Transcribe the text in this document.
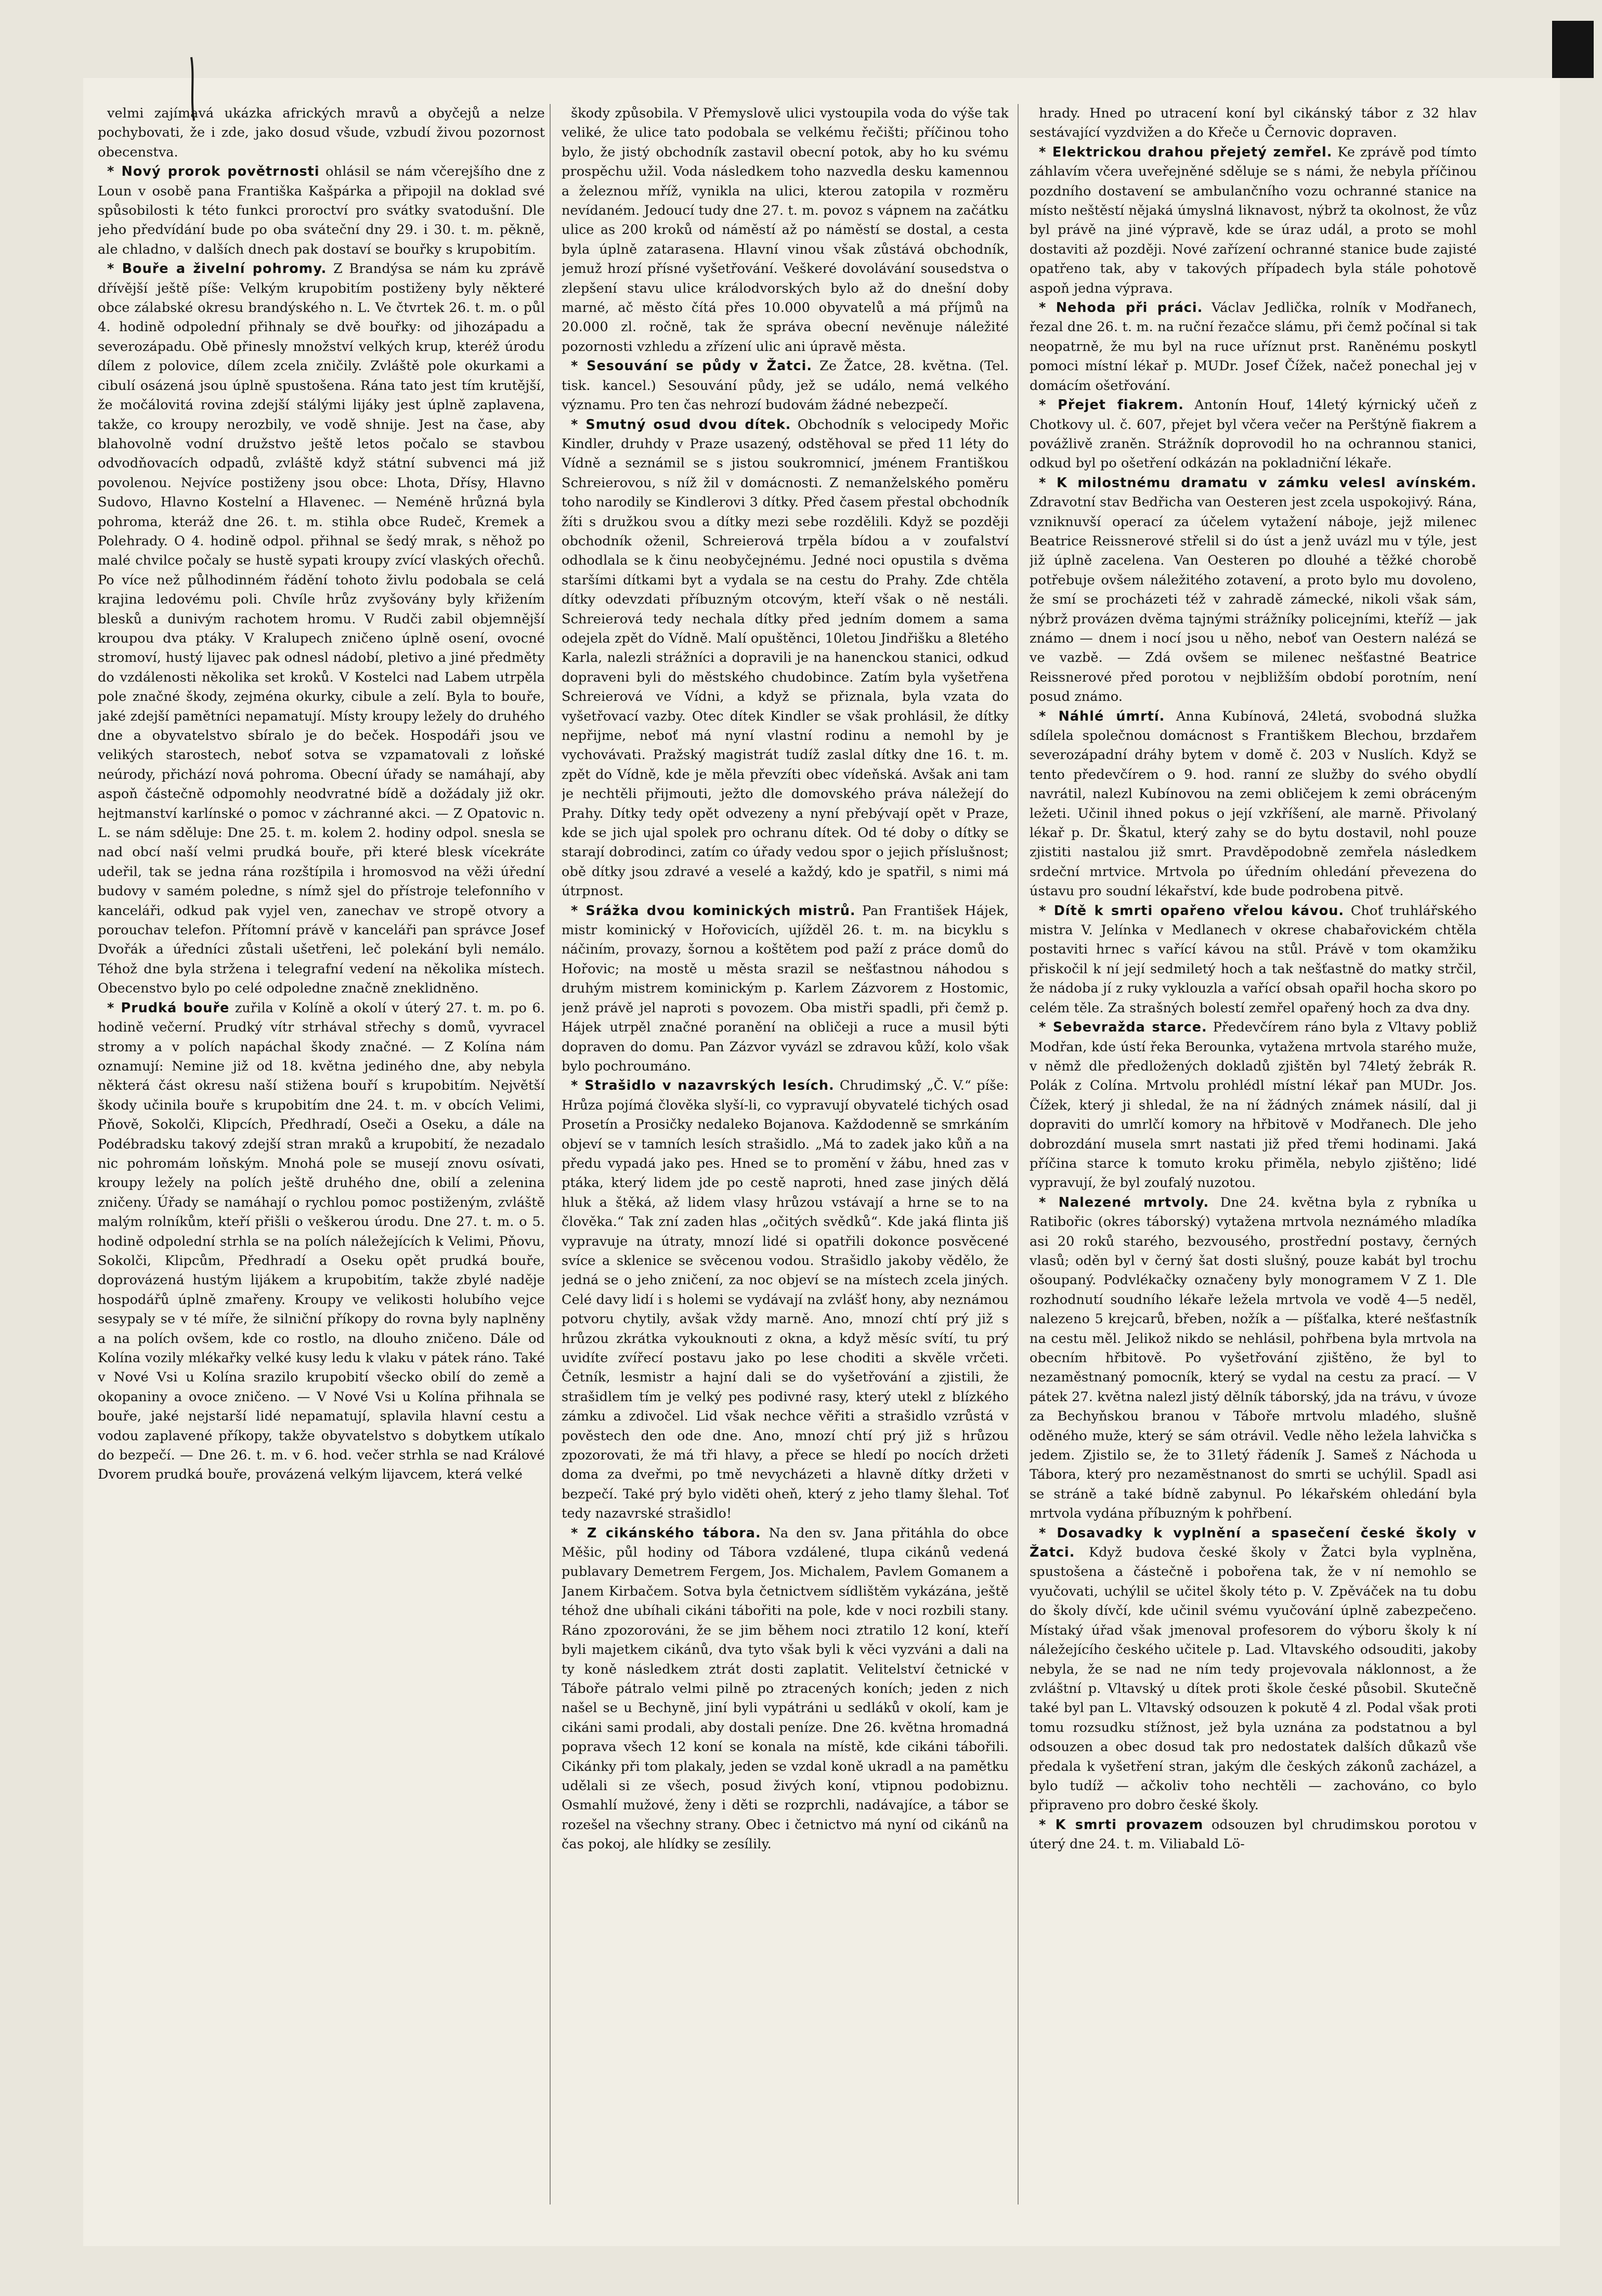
velmi zajímavá ukázka afrických mravů a obyčejů a nelze pochybovati, že i zde, jako dosud všude, vzbudí živou pozornost obecenstva.

* Nový prorok povětrnosti ohlásil se nám včerejšího dne z Loun v osobě pana Františka Kašpárka a připojil na doklad své spůsobilosti k této funkci proroctví pro svátky svatodušní. Dle jeho předvídání bude po oba sváteční dny 29. i 30. t. m. pěkně, ale chladno, v dalších dnech pak dostaví se bouřky s krupobitím.

* Bouře a živelní pohromy. Z Brandýsa se nám ku zprávě dřívější ještě píše: Velkým krupobitím postiženy byly některé obce zálabské okresu brandýského n. L. Ve čtvrtek 26. t. m. o půl 4. hodině odpolední přihnaly se dvě bouřky: od jihozápadu a severozápadu. Obě přinesly množství velkých krup, kteréž úrodu dílem z polovice, dílem zcela zničily. Zvláště pole okurkami a cibulí osázená jsou úplně spustošena. Rána tato jest tím krutější, že močálovitá rovina zdejší stálými lijáky jest úplně zaplavena, takže, co kroupy nerozbily, ve vodě shnije. Jest na čase, aby blahovolně vodní družstvo ještě letos počalo se stavbou odvodňovacích odpadů, zvláště když státní subvenci má již povolenou. Nejvíce postiženy jsou obce: Lhota, Dřísy, Hlavno Sudovo, Hlavno Kostelní a Hlavenec. — Neméně hrůzná byla pohroma, kteráž dne 26. t. m. stihla obce Rudeč, Kremek a Polehrady. O 4. hodině odpol. přihnal se šedý mrak, s něhož po malé chvilce počaly se hustě sypati kroupy zvící vlaských ořechů. Po více než půlhodinném řádění tohoto živlu podobala se celá krajina ledovému poli. Chvíle hrůz zvyšovány byly křižením blesků a dunivým rachotem hromu. V Rudči zabil objemnější kroupou dva ptáky. V Kralupech zničeno úplně osení, ovocné stromoví, hustý lijavec pak odnesl nádobí, pletivo a jiné předměty do vzdálenosti několika set kroků. V Kostelci nad Labem utrpěla pole značné škody, zejména okurky, cibule a zelí. Byla to bouře, jaké zdejší pamětníci nepamatují. Místy kroupy ležely do druhého dne a obyvatelstvo sbíralo je do beček. Hospodáři jsou ve velikých starostech, neboť sotva se vzpamatovali z loňské neúrody, přichází nová pohroma. Obecní úřady se namáhají, aby aspoň částečně odpomohly neodvratné bídě a dožádaly již okr. hejtmanství karlínské o pomoc v záchranné akci. — Z Opatovic n. L. se nám sděluje: Dne 25. t. m. kolem 2. hodiny odpol. snesla se nad obcí naší velmi prudká bouře, při které blesk vícekráte udeřil, tak se jedna rána rozštípila i hromosvod na věži úřední budovy v samém poledne, s nímž sjel do přístroje telefonního v kanceláři, odkud pak vyjel ven, zanechav ve stropě otvory a porouchav telefon. Přítomní právě v kanceláři pan správce Josef Dvořák a úředníci zůstali ušetřeni, leč polekání byli nemálo. Téhož dne byla stržena i telegrafní vedení na několika místech. Obecenstvo bylo po celé odpoledne značně zneklidněno.

* Prudká bouře zuřila v Kolíně a okolí v úterý 27. t. m. po 6. hodině večerní. Prudký vítr strhával střechy s domů, vyvracel stromy a v polích napáchal škody značné. — Z Kolína nám oznamují: Nemine již od 18. května jediného dne, aby nebyla některá část okresu naší stižena bouří s krupobitím. Největší škody učinila bouře s krupobitím dne 24. t. m. v obcích Velimi, Pňově, Sokolči, Klipcích, Předhradí, Oseči a Oseku, a dále na Podébradsku takový zdejší stran mraků a krupobití, že nezadalo nic pohromám loňským. Mnohá pole se musejí znovu osívati, kroupy ležely na polích ještě druhého dne, obilí a zelenina zničeny. Úřady se namáhají o rychlou pomoc postiženým, zvláště malým rolníkům, kteří přišli o veškerou úrodu. Dne 27. t. m. o 5. hodině odpolední strhla se na polích náležejících k Velimi, Pňovu, Sokolči, Klipcům, Předhradí a Oseku opět prudká bouře, doprovázená hustým lijákem a krupobitím, takže zbylé naděje hospodářů úplně zmařeny. Kroupy ve velikosti holubího vejce sesypaly se v té míře, že silniční příkopy do rovna byly naplněny a na polích ovšem, kde co rostlo, na dlouho zničeno. Dále od Kolína vozily mlékařky velké kusy ledu k vlaku v pátek ráno. Také v Nové Vsi u Kolína srazilo krupobití všecko obilí do země a okopaniny a ovoce zničeno. — V Nové Vsi u Kolína přihnala se bouře, jaké nejstarší lidé nepamatují, splavila hlavní cestu a vodou zaplavené příkopy, takže obyvatelstvo s dobytkem utíkalo do bezpečí. — Dne 26. t. m. v 6. hod. večer strhla se nad Králové Dvorem prudká bouře, provázená velkým lijavcem, která velké

škody způsobila. V Přemyslově ulici vystoupila voda do výše tak veliké, že ulice tato podobala se velkému řečišti; příčinou toho bylo, že jistý obchodník zastavil obecní potok, aby ho ku svému prospěchu užil. Voda následkem toho nazvedla desku kamennou a železnou mříž, vynikla na ulici, kterou zatopila v rozměru nevídaném. Jedoucí tudy dne 27. t. m. povoz s vápnem na začátku ulice as 200 kroků od náměstí až po náměstí se dostal, a cesta byla úplně zatarasena. Hlavní vinou však zůstává obchodník, jemuž hrozí přísné vyšetřování. Veškeré dovolávání sousedstva o zlepšení stavu ulice králodvorských bylo až do dnešní doby marné, ač město čítá přes 10.000 obyvatelů a má příjmů na 20.000 zl. ročně, tak že správa obecní nevěnuje náležité pozornosti vzhledu a zřízení ulic ani úpravě města.

* Sesouvání se půdy v Žatci. Ze Žatce, 28. května. (Tel. tisk. kancel.) Sesouvání půdy, jež se událo, nemá velkého významu. Pro ten čas nehrozí budovám žádné nebezpečí.

* Smutný osud dvou dítek. Obchodník s velocipedy Mořic Kindler, druhdy v Praze usazený, odstěhoval se před 11 léty do Vídně a seznámil se s jistou soukromnicí, jménem Františkou Schreierovou, s níž žil v domácnosti. Z nemanželského poměru toho narodily se Kindlerovi 3 dítky. Před časem přestal obchodník žíti s družkou svou a dítky mezi sebe rozdělili. Když se později obchodník oženil, Schreierová trpěla bídou a v zoufalství odhodlala se k činu neobyčejnému. Jedné noci opustila s dvěma staršími dítkami byt a vydala se na cestu do Prahy. Zde chtěla dítky odevzdati příbuzným otcovým, kteří však o ně nestáli. Schreierová tedy nechala dítky před jedním domem a sama odejela zpět do Vídně. Malí opuštěnci, 10letou Jindřišku a 8letého Karla, nalezli strážníci a dopravili je na hanenckou stanici, odkud dopraveni byli do městského chudobince. Zatím byla vyšetřena Schreierová ve Vídni, a když se přiznala, byla vzata do vyšetřovací vazby. Otec dítek Kindler se však prohlásil, že dítky nepřijme, neboť má nyní vlastní rodinu a nemohl by je vychovávati. Pražský magistrát tudíž zaslal dítky dne 16. t. m. zpět do Vídně, kde je měla převzíti obec vídeňská. Avšak ani tam je nechtěli přijmouti, ježto dle domovského práva náležejí do Prahy. Dítky tedy opět odvezeny a nyní přebývají opět v Praze, kde se jich ujal spolek pro ochranu dítek. Od té doby o dítky se starají dobrodinci, zatím co úřady vedou spor o jejich příslušnost; obě dítky jsou zdravé a veselé a každý, kdo je spatřil, s nimi má útrpnost.

* Srážka dvou kominických mistrů. Pan František Hájek, mistr kominický v Hořovicích, ujížděl 26. t. m. na bicyklu s náčiním, provazy, šornou a koštětem pod paží z práce domů do Hořovic; na mostě u města srazil se nešťastnou náhodou s druhým mistrem kominickým p. Karlem Zázvorem z Hostomic, jenž právě jel naproti s povozem. Oba mistři spadli, při čemž p. Hájek utrpěl značné poranění na obličeji a ruce a musil býti dopraven do domu. Pan Zázvor vyvázl se zdravou kůží, kolo však bylo pochroumáno.

* Strašidlo v nazavrských lesích. Chrudimský „Č. V.“ píše: Hrůza pojímá člověka slyší-li, co vypravují obyvatelé tichých osad Prosetín a Prosičky nedaleko Bojanova. Každodenně se smrkáním objeví se v tamních lesích strašidlo. „Má to zadek jako kůň a na předu vypadá jako pes. Hned se to promění v žábu, hned zas v ptáka, který lidem jde po cestě naproti, hned zase jiných dělá hluk a štěká, až lidem vlasy hrůzou vstávají a hrne se to na člověka.“ Tak zní zaden hlas „očitých svědků“. Kde jaká flinta jiš vypravuje na útraty, mnozí lidé si opatřili dokonce posvěcené svíce a sklenice se svěcenou vodou. Strašidlo jakoby vědělo, že jedná se o jeho zničení, za noc objeví se na místech zcela jiných. Celé davy lidí i s holemi se vydávají na zvlášť hony, aby neznámou potvoru chytily, avšak vždy marně. Ano, mnozí chtí prý již s hrůzou zkrátka vykouknouti z okna, a když měsíc svítí, tu prý uvidíte zvířecí postavu jako po lese choditi a skvěle vrčeti. Četník, lesmistr a hajní dali se do vyšetřování a zjistili, že strašidlem tím je velký pes podivné rasy, který utekl z blízkého zámku a zdivočel. Lid však nechce věřiti a strašidlo vzrůstá v pověstech den ode dne. Ano, mnozí chtí prý již s hrůzou zpozorovati, že má tři hlavy, a přece se hledí po nocích držeti doma za dveřmi, po tmě nevycházeti a hlavně dítky držeti v bezpečí. Také prý bylo viděti oheň, který z jeho tlamy šlehal. Toť tedy nazavrské strašidlo!

* Z cikánského tábora. Na den sv. Jana přitáhla do obce Měšic, půl hodiny od Tábora vzdálené, tlupa cikánů vedená publavary Demetrem Fergem, Jos. Michalem, Pavlem Gomanem a Janem Kirbačem. Sotva byla četnictvem sídlištěm vykázána, ještě téhož dne ubíhali cikáni tábořiti na pole, kde v noci rozbili stany. Ráno zpozorováni, že se jim během noci ztratilo 12 koní, kteří byli majetkem cikánů, dva tyto však byli k věci vyzváni a dali na ty koně následkem ztrát dosti zaplatit. Velitelství četnické v Táboře pátralo velmi pilně po ztracených koních; jeden z nich našel se u Bechyně, jiní byli vypátráni u sedláků v okolí, kam je cikáni sami prodali, aby dostali peníze. Dne 26. května hromadná poprava všech 12 koní se konala na místě, kde cikáni tábořili. Cikánky při tom plakaly, jeden se vzdal koně ukradl a na pamětku udělali si ze všech, posud živých koní, vtipnou podobiznu. Osmahlí mužové, ženy i děti se rozprchli, nadávajíce, a tábor se rozešel na všechny strany. Obec i četnictvo má nyní od cikánů na čas pokoj, ale hlídky se zesílily.

hrady. Hned po utracení koní byl cikánský tábor z 32 hlav sestávající vyzdvižen a do Křeče u Černovic dopraven.

* Elektrickou drahou přejetý zemřel. Ke zprávě pod tímto záhlavím včera uveřejněné sděluje se s námi, že nebyla příčinou pozdního dostavení se ambulančního vozu ochranné stanice na místo neštěstí nějaká úmyslná liknavost, nýbrž ta okolnost, že vůz byl právě na jiné výpravě, kde se úraz udál, a proto se mohl dostaviti až později. Nové zařízení ochranné stanice bude zajisté opatřeno tak, aby v takových případech byla stále pohotově aspoň jedna výprava.

* Nehoda při práci. Václav Jedlička, rolník v Modřanech, řezal dne 26. t. m. na ruční řezačce slámu, při čemž počínal si tak neopatrně, že mu byl na ruce uříznut prst. Raněnému poskytl pomoci místní lékař p. MUDr. Josef Čížek, načež ponechal jej v domácím ošetřování.

* Přejet fiakrem. Antonín Houf, 14letý kýrnický učeň z Chotkovy ul. č. 607, přejet byl včera večer na Perštýně fiakrem a povážlivě zraněn. Strážník doprovodil ho na ochrannou stanici, odkud byl po ošetření odkázán na pokladniční lékaře.

* K milostnému dramatu v zámku velesl avínském. Zdravotní stav Bedřicha van Oesteren jest zcela uspokojivý. Rána, vzniknuvší operací za účelem vytažení náboje, jejž milenec Beatrice Reissnerové střelil si do úst a jenž uvázl mu v týle, jest již úplně zacelena. Van Oesteren po dlouhé a těžké chorobě potřebuje ovšem náležitého zotavení, a proto bylo mu dovoleno, že smí se procházeti též v zahradě zámecké, nikoli však sám, nýbrž provázen dvěma tajnými strážníky policejními, kteříž — jak známo — dnem i nocí jsou u něho, neboť van Oestern nalézá se ve vazbě. — Zdá ovšem se milenec nešťastné Beatrice Reissnerové před porotou v nejbližším období porotním, není posud známo.

* Náhlé úmrtí. Anna Kubínová, 24letá, svobodná služka sdílela společnou domácnost s Františkem Blechou, brzdařem severozápadní dráhy bytem v domě č. 203 v Nuslích. Když se tento předevčírem o 9. hod. ranní ze služby do svého obydlí navrátil, nalezl Kubínovou na zemi obličejem k zemi obráceným ležeti. Učinil ihned pokus o její vzkříšení, ale marně. Přivolaný lékař p. Dr. Škatul, který zahy se do bytu dostavil, nohl pouze zjistiti nastalou již smrt. Pravděpodobně zemřela následkem srdeční mrtvice. Mrtvola po úředním ohledání převezena do ústavu pro soudní lékařství, kde bude podrobena pitvě.

* Dítě k smrti opařeno vřelou kávou. Choť truhlářského mistra V. Jelínka v Medlanech v okrese chabařovickém chtěla postaviti hrnec s vařící kávou na stůl. Právě v tom okamžiku přiskočil k ní její sedmiletý hoch a tak nešťastně do matky strčil, že nádoba jí z ruky vyklouzla a vařící obsah opařil hocha skoro po celém těle. Za strašných bolestí zemřel opařený hoch za dva dny.

* Sebevražda starce. Předevčírem ráno byla z Vltavy pobliž Modřan, kde ústí řeka Berounka, vytažena mrtvola starého muže, v němž dle předložených dokladů zjištěn byl 74letý žebrák R. Polák z Colína. Mrtvolu prohlédl místní lékař pan MUDr. Jos. Čížek, který ji shledal, že na ní žádných známek násilí, dal ji dopraviti do umrlčí komory na hřbitově v Modřanech. Dle jeho dobrozdání musela smrt nastati již před třemi hodinami. Jaká příčina starce k tomuto kroku přiměla, nebylo zjištěno; lidé vypravují, že byl zoufalý nuzotou.

* Nalezené mrtvoly. Dne 24. května byla z rybníka u Ratibořic (okres táborský) vytažena mrtvola neznámého mladíka asi 20 roků starého, bezvousého, prostřední postavy, černých vlasů; oděn byl v černý šat dosti slušný, pouze kabát byl trochu ošoupaný. Podvlékačky označeny byly monogramem V Z 1. Dle rozhodnutí soudního lékaře ležela mrtvola ve vodě 4—5 neděl, nalezeno 5 krejcarů, břeben, nožík a — píšťalka, které nešťastník na cestu měl. Jelikož nikdo se nehlásil, pohřbena byla mrtvola na obecním hřbitově. Po vyšetřování zjištěno, že byl to nezaměstnaný pomocník, který se vydal na cestu za prací. — V pátek 27. května nalezl jistý dělník táborský, jda na trávu, v úvoze za Bechyňskou branou v Táboře mrtvolu mladého, slušně oděného muže, který se sám otrávil. Vedle něho ležela lahvička s jedem. Zjistilo se, že to 31letý řádeník J. Sameš z Náchoda u Tábora, který pro nezaměstnanost do smrti se uchýlil. Spadl asi se stráně a také bídně zabynul. Po lékařském ohledání byla mrtvola vydána příbuzným k pohřbení.

* Dosavadky k vyplnění a spasečení české školy v Žatci. Když budova české školy v Žatci byla vyplněna, spustošena a částečně i pobořena tak, že v ní nemohlo se vyučovati, uchýlil se učitel školy této p. V. Zpěváček na tu dobu do školy dívčí, kde učinil svému vyučování úplně zabezpečeno. Místaký úřad však jmenoval profesorem do výboru školy k ní náležejícího českého učitele p. Lad. Vltavského odsouditi, jakoby nebyla, že se nad ne ním tedy projevovala náklonnost, a že zvláštní p. Vltavský u dítek proti škole české působil. Skutečně také byl pan L. Vltavský odsouzen k pokutě 4 zl. Podal však proti tomu rozsudku stížnost, jež byla uznána za podstatnou a byl odsouzen a obec dosud tak pro nedostatek dalších důkazů vše předala k vyšetření stran, jakým dle českých zákonů zacházel, a bylo tudíž — ačkoliv toho nechtěli — zachováno, co bylo připraveno pro dobro české školy.

* K smrti provazem odsouzen byl chrudimskou porotou v úterý dne 24. t. m. Viliabald Lö-
